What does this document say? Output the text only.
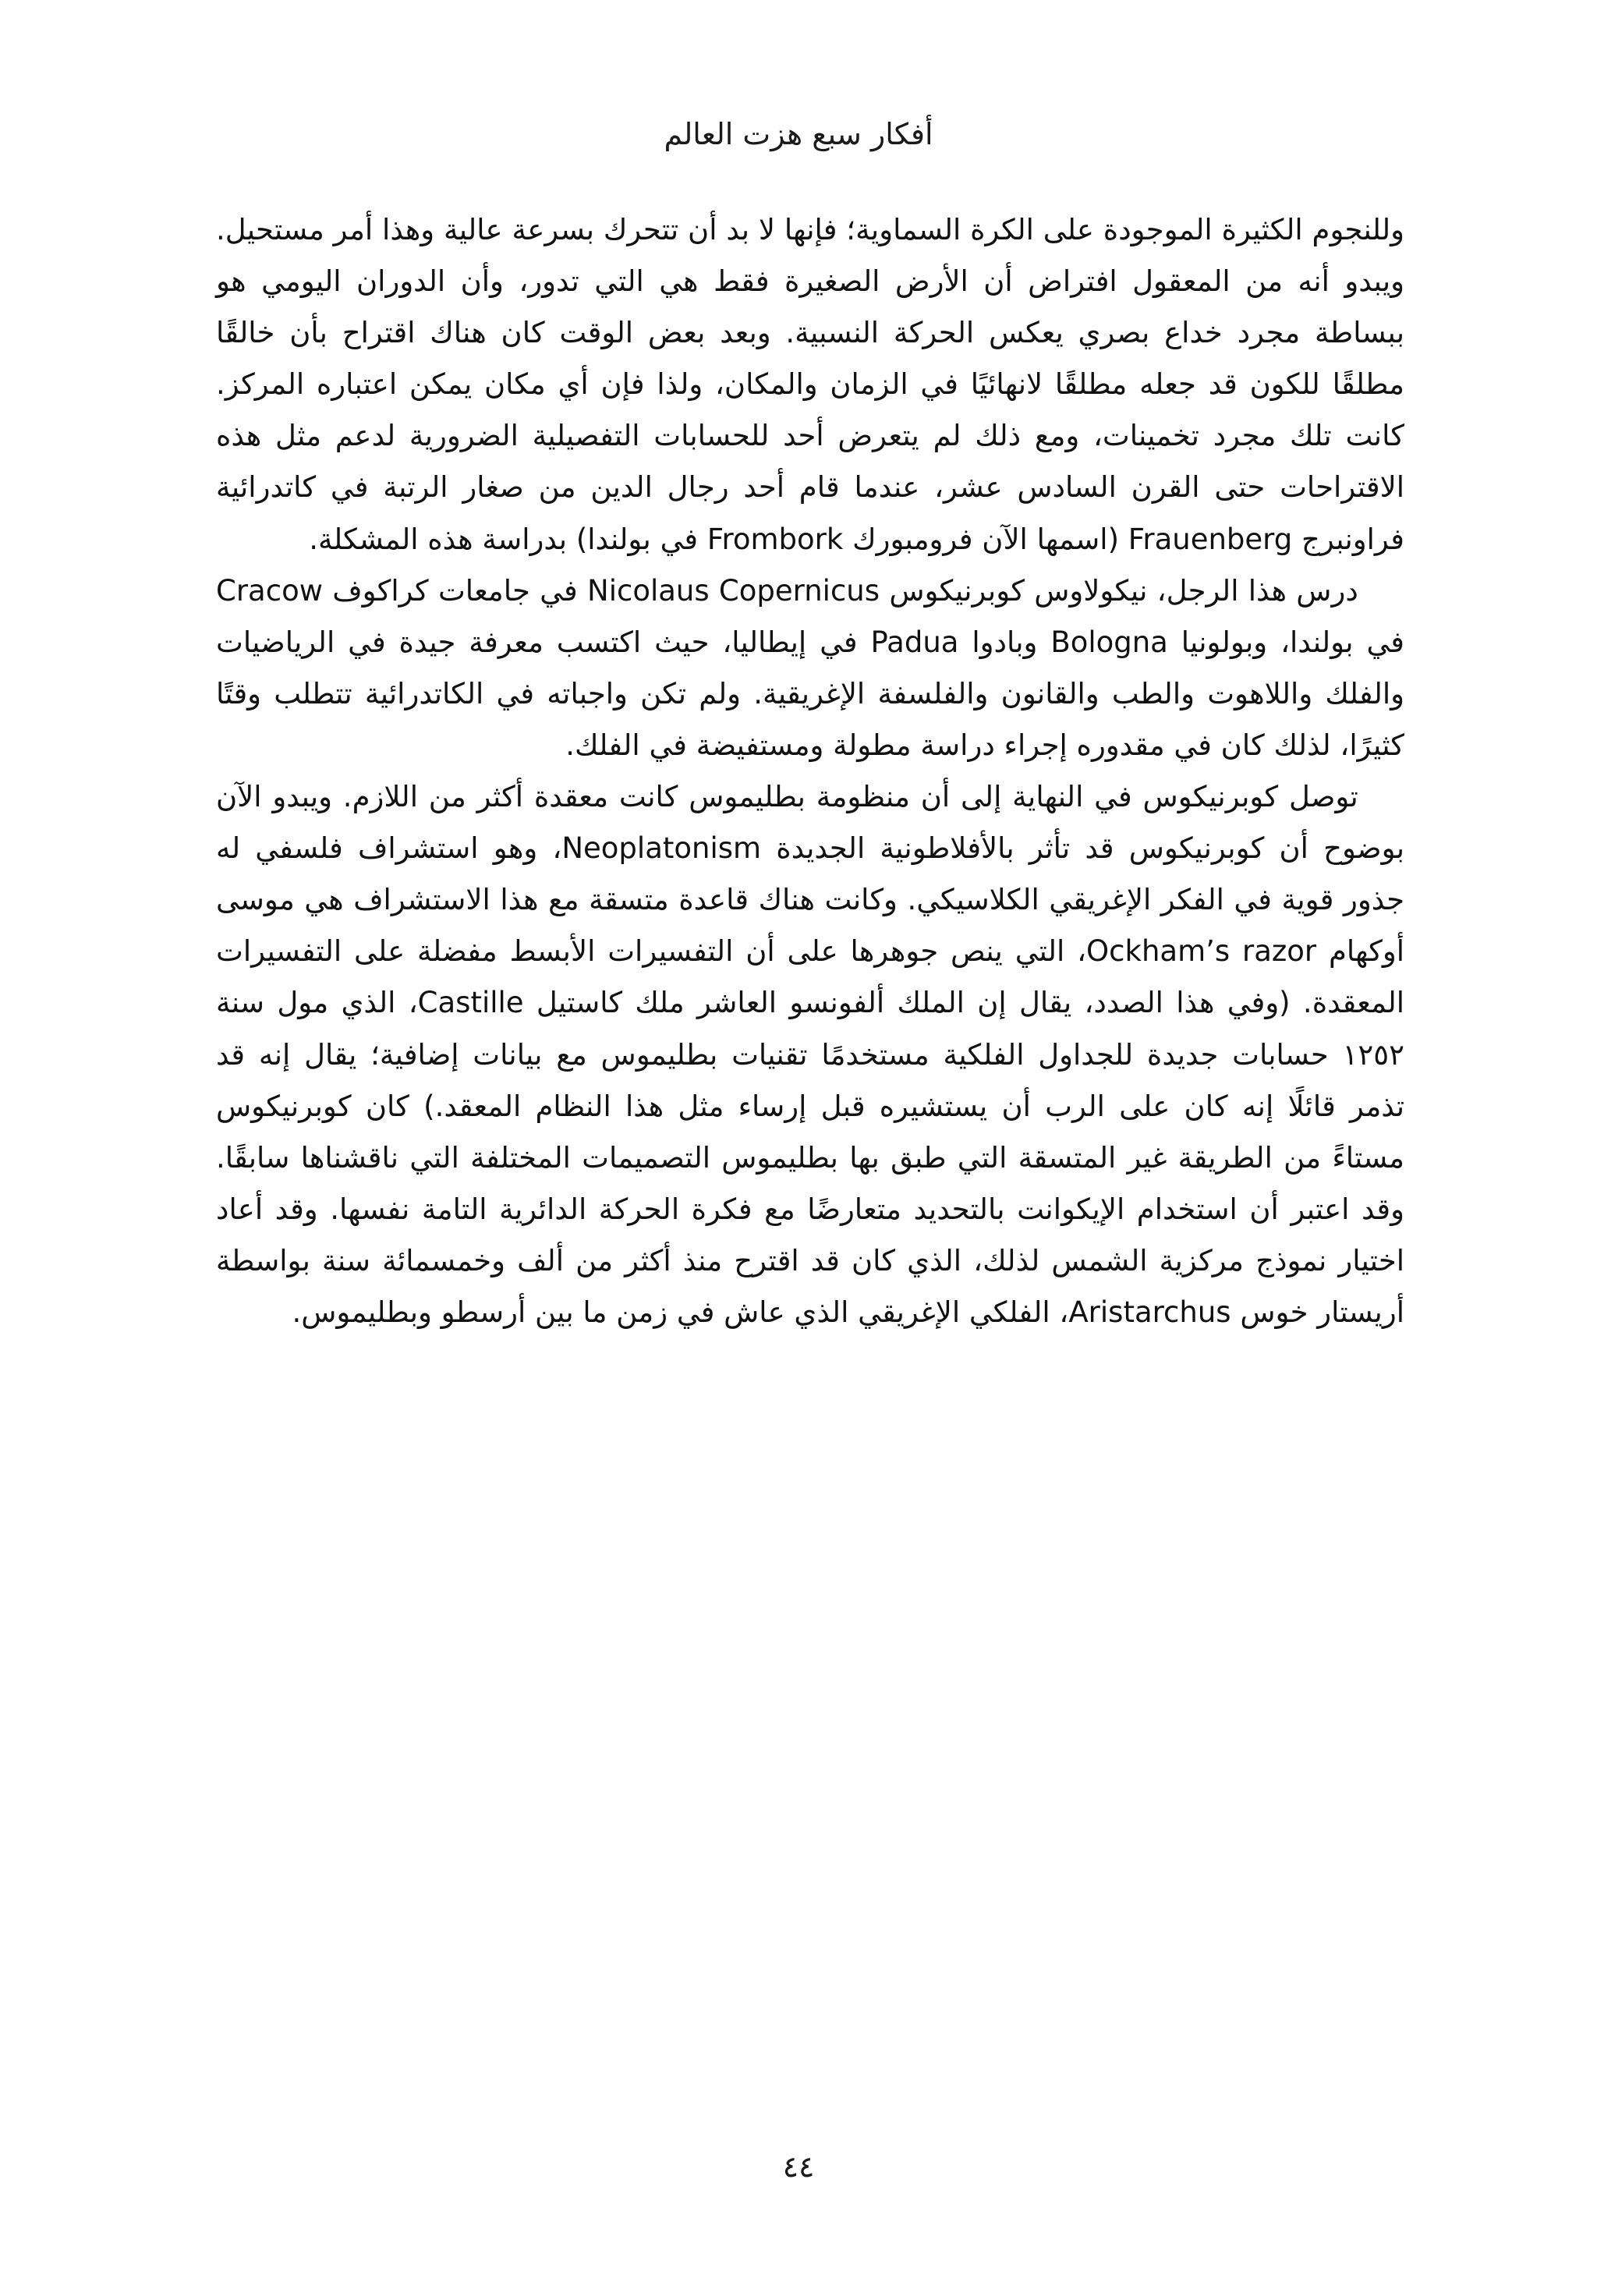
أفكار سبع هزت العالم

وللنجوم الكثيرة الموجودة على الكرة السماوية؛ فإنها لا بد أن تتحرك بسرعة عالية وهذا أمر مستحيل. ويبدو أنه من المعقول افتراض أن الأرض الصغيرة فقط هي التي تدور، وأن الدوران اليومي هو ببساطة مجرد خداع بصري يعكس الحركة النسبية. وبعد بعض الوقت كان هناك اقتراح بأن خالقًا مطلقًا للكون قد جعله مطلقًا لانهائيًا في الزمان والمكان، ولذا فإن أي مكان يمكن اعتباره المركز. كانت تلك مجرد تخمينات، ومع ذلك لم يتعرض أحد للحسابات التفصيلية الضرورية لدعم مثل هذه الاقتراحات حتى القرن السادس عشر، عندما قام أحد رجال الدين من صغار الرتبة في كاتدرائية فراونبرج Frauenberg (اسمها الآن فرومبورك Frombork في بولندا) بدراسة هذه المشكلة.

درس هذا الرجل، نيكولاوس كوبرنيكوس Nicolaus Copernicus في جامعات كراكوف Cracow في بولندا، وبولونيا Bologna وبادوا Padua في إيطاليا، حيث اكتسب معرفة جيدة في الرياضيات والفلك واللاهوت والطب والقانون والفلسفة الإغريقية. ولم تكن واجباته في الكاتدرائية تتطلب وقتًا كثيرًا، لذلك كان في مقدوره إجراء دراسة مطولة ومستفيضة في الفلك.

توصل كوبرنيكوس في النهاية إلى أن منظومة بطليموس كانت معقدة أكثر من اللازم. ويبدو الآن بوضوح أن كوبرنيكوس قد تأثر بالأفلاطونية الجديدة Neoplatonism، وهو استشراف فلسفي له جذور قوية في الفكر الإغريقي الكلاسيكي. وكانت هناك قاعدة متسقة مع هذا الاستشراف هي موسى أوكهام Ockham’s razor، التي ينص جوهرها على أن التفسيرات الأبسط مفضلة على التفسيرات المعقدة. (وفي هذا الصدد، يقال إن الملك ألفونسو العاشر ملك كاستيل Castille، الذي مول سنة ١٢٥٢ حسابات جديدة للجداول الفلكية مستخدمًا تقنيات بطليموس مع بيانات إضافية؛ يقال إنه قد تذمر قائلًا إنه كان على الرب أن يستشيره قبل إرساء مثل هذا النظام المعقد.) كان كوبرنيكوس مستاءً من الطريقة غير المتسقة التي طبق بها بطليموس التصميمات المختلفة التي ناقشناها سابقًا. وقد اعتبر أن استخدام الإيكوانت بالتحديد متعارضًا مع فكرة الحركة الدائرية التامة نفسها. وقد أعاد اختيار نموذج مركزية الشمس لذلك، الذي كان قد اقترح منذ أكثر من ألف وخمسمائة سنة بواسطة أريستار خوس Aristarchus، الفلكي الإغريقي الذي عاش في زمن ما بين أرسطو وبطليموس.

٤٤
